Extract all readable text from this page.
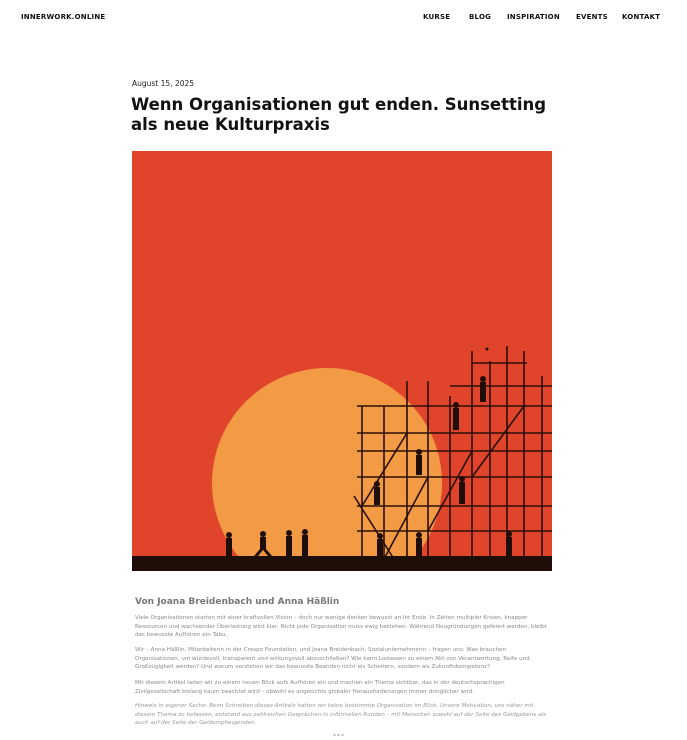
INNERWORK.ONLINE	KURSE	BLOG INSPIRATION EVENTS KONTAKT
August 15, 2025
Wenn Organisationen gut enden. Sunsetting als neue Kulturpraxis
Von Joana Breidenbach und Anna Häßlin

Viele Organisationen starten mit einer kraftvollen Vision – doch nur wenige denken bewusst an ihr Ende. In Zeiten multipler Krisen, knapper Ressourcen und wachsender Überlastung wird klar: Nicht jede Organisation muss ewig bestehen. Während Neugründungen gefeiert werden, bleibt das bewusste Aufhören ein Tabu.

Wir – Anna Häßlin, Mitarbeiterin in der Crespo Foundation, und Joana Breidenbach, Sozialunternehmerin – fragen uns: Was brauchen Organisationen, um würdevoll, transparent und wirkungsvoll abzuschließen? Wie kann Loslassen zu einem Akt von Verantwortung, Reife und Großzügigkeit werden? Und warum verstehen wir das bewusste Beenden nicht als Scheitern, sondern als Zukunftskompetenz?

Mit diesem Artikel laden wir zu einem neuen Blick aufs Aufhören ein und machen ein Thema sichtbar, das in der deutschsprachigen Zivilgesellschaft bislang kaum beachtet wird – obwohl es angesichts globaler Herausforderungen immer dringlicher wird.

Hinweis in eigener Sache: Beim Schreiben dieses Artikels hatten wir keine bestimmte Organisation im Blick. Unsere Motivation, uns näher mit diesem Thema zu befassen, entstand aus zahlreichen Gesprächen in informellen Runden – mit Menschen sowohl auf der Seite des Geldgebens als auch auf der Seite der Geldempfangenden.

***
